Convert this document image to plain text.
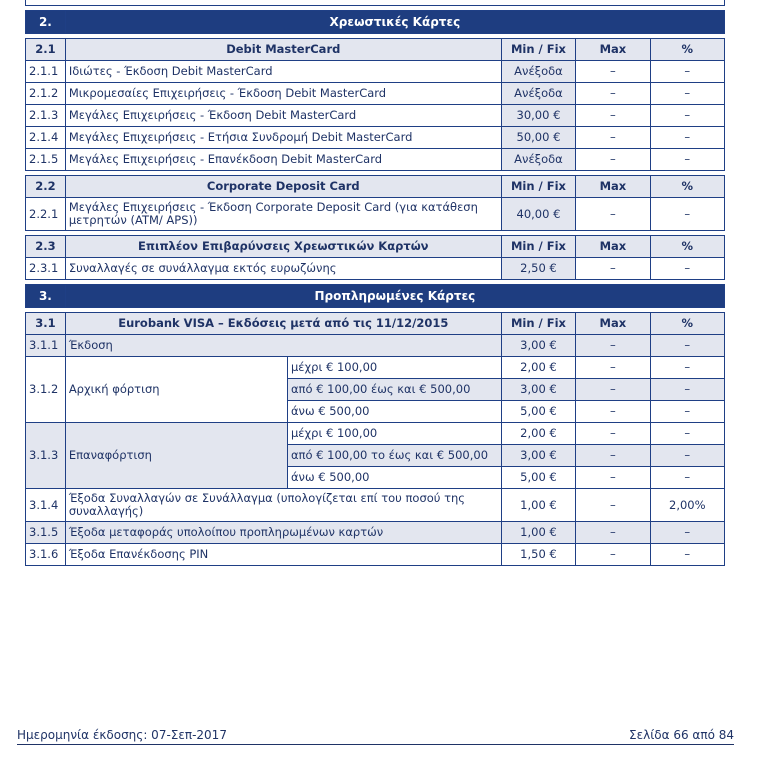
2.	Χρεωστικές Κάρτες
2.1	Debit MasterCard	Min / Fix	Max	%
2.1.1	Ιδιώτες - Έκδοση Debit MasterCard	Ανέξοδα	–	–
2.1.2	Μικρομεσαίες Επιχειρήσεις - Έκδοση Debit MasterCard	Ανέξοδα	–	–
2.1.3	Μεγάλες Επιχειρήσεις - Έκδοση Debit MasterCard	30,00 €	–	–
2.1.4	Μεγάλες Επιχειρήσεις - Ετήσια Συνδρομή Debit MasterCard	50,00 €	–	–
2.1.5	Μεγάλες Επιχειρήσεις - Επανέκδοση Debit MasterCard	Ανέξοδα	–	–
2.2	Corporate Deposit Card	Min / Fix	Max	%
2.2.1	Μεγάλες Επιχειρήσεις - Έκδοση Corporate Deposit Card (για κατάθεση μετρητών (ATM/ APS))	40,00 €	–	–
2.3	Επιπλέον Επιβαρύνσεις Χρεωστικών Καρτών	Min / Fix	Max	%
2.3.1	Συναλλαγές σε συνάλλαγμα εκτός ευρωζώνης	2,50 €	–	–
3.	Προπληρωμένες Κάρτες
3.1	Eurobank VISA – Εκδόσεις μετά από τις 11/12/2015		Min / Fix	Max	%
3.1.1	Έκδοση		3,00 €	–	–
3.1.2	Αρχική φόρτιση	μέχρι € 100,00	2,00 €	–	–
		από € 100,00 έως και € 500,00	3,00 €	–	–
		άνω € 500,00	5,00 €	–	–
3.1.3	Επαναφόρτιση	μέχρι € 100,00	2,00 €	–	–
		από € 100,00 το έως και € 500,00	3,00 €	–	–
		άνω € 500,00	5,00 €	–	–
3.1.4	Έξοδα Συναλλαγών σε Συνάλλαγμα (υπολογίζεται επί του ποσού της συναλλαγής)		1,00 €	–	2,00%
3.1.5	Έξοδα μεταφοράς υπολοίπου προπληρωμένων καρτών		1,00 €	–	–
3.1.6	Έξοδα Επανέκδοσης PIN		1,50 €	–	–
Ημερομηνία έκδοσης: 07-Σεπ-2017	Σελίδα 66 από 84
